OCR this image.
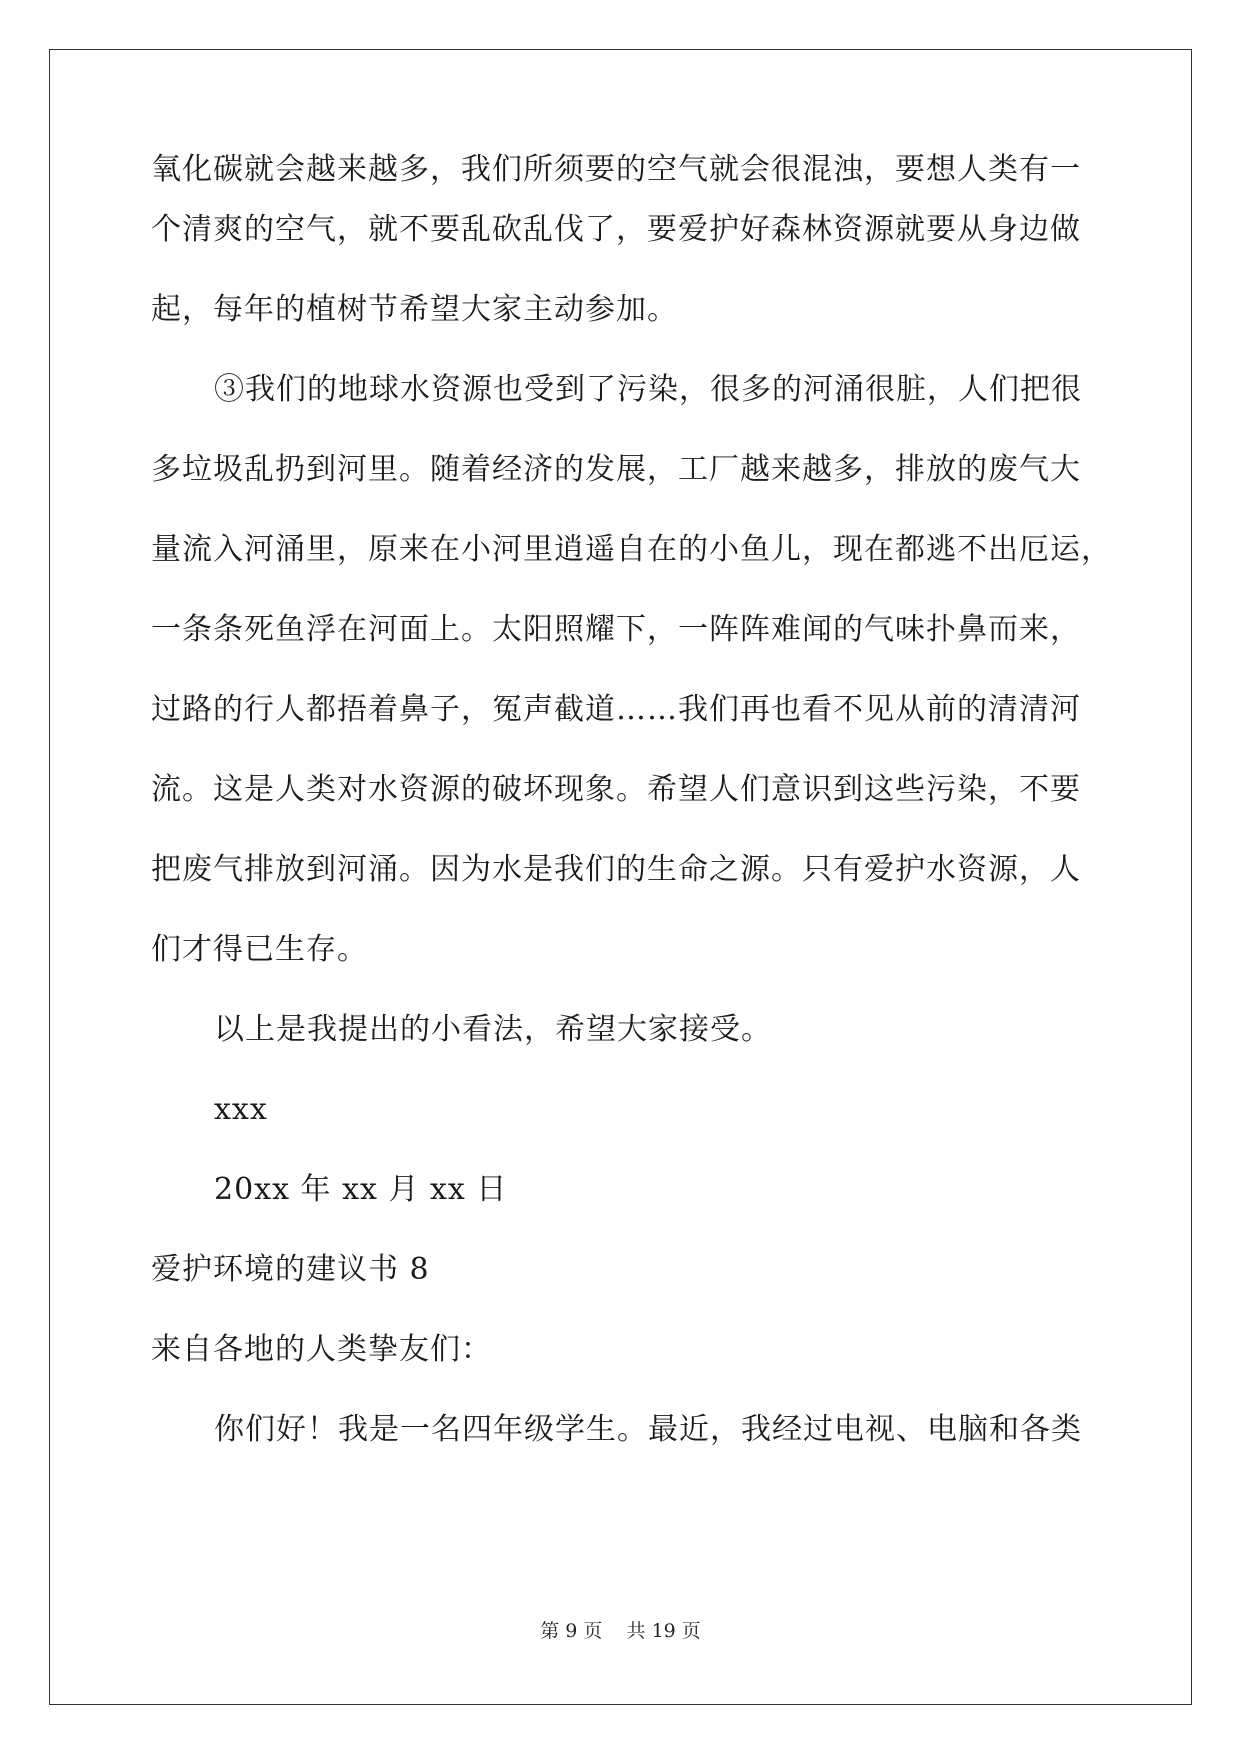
氧化碳就会越来越多，我们所须要的空气就会很混浊，要想人类有一
个清爽的空气，就不要乱砍乱伐了，要爱护好森林资源就要从身边做
起，每年的植树节希望大家主动参加。
③我们的地球水资源也受到了污染，很多的河涌很脏，人们把很
多垃圾乱扔到河里。随着经济的发展，工厂越来越多，排放的废气大
量流入河涌里，原来在小河里逍遥自在的小鱼儿，现在都逃不出厄运，
一条条死鱼浮在河面上。太阳照耀下，一阵阵难闻的气味扑鼻而来，
过路的行人都捂着鼻子，冤声截道……我们再也看不见从前的清清河
流。这是人类对水资源的破坏现象。希望人们意识到这些污染，不要
把废气排放到河涌。因为水是我们的生命之源。只有爱护水资源，人
们才得已生存。
以上是我提出的小看法，希望大家接受。
xxx
20xx 年 xx 月 xx 日
爱护环境的建议书 8
来自各地的人类挚友们：
你们好！我是一名四年级学生。最近，我经过电视、电脑和各类
第 9 页 共 19 页
